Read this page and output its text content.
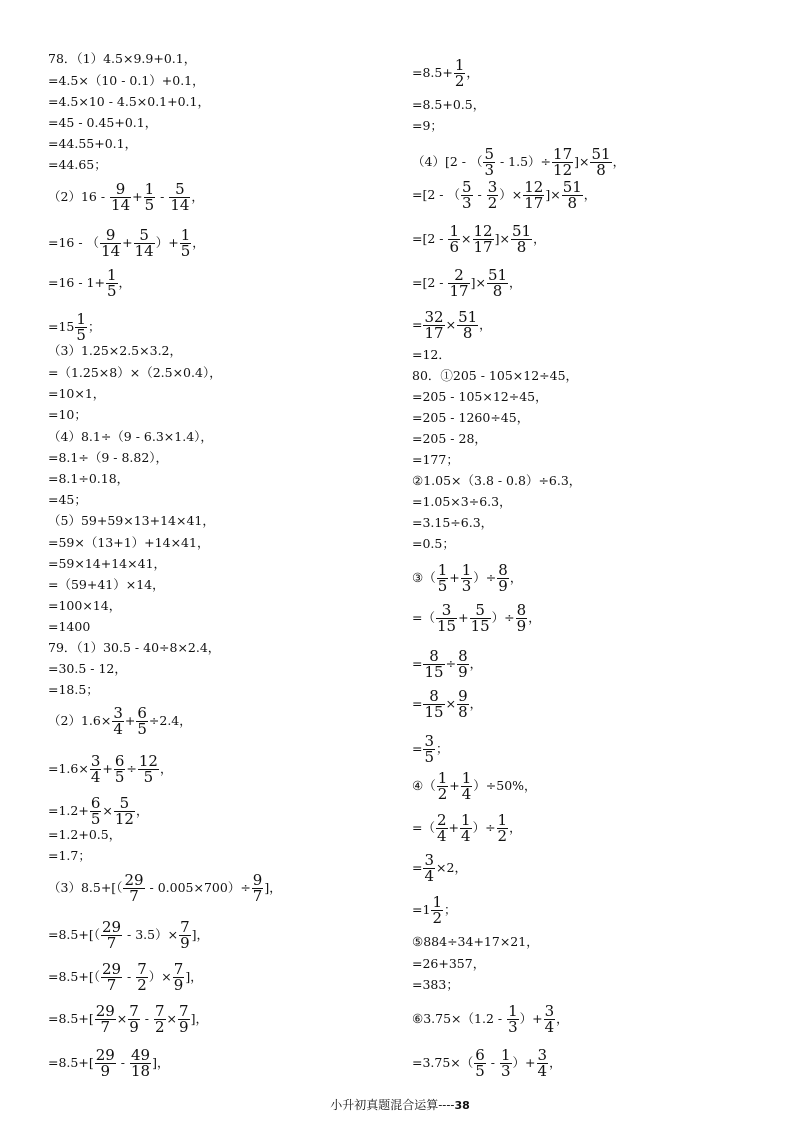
78．（1）4.5×9.9+0.1，
=4.5×（10 - 0.1）+0.1，
=4.5×10 - 4.5×0.1+0.1，
=45 - 0.45+0.1，
=44.55+0.1，
=44.65；
$(2)16 - \frac{9}{14} + \frac{1}{5} - \frac{5}{14}$ ，
=16 - （ $\frac{9}{14} + \frac{5}{14}$ ）+ $\frac{1}{5}$ ，
$=16 - 1+ \frac{1}{5}$ ，
$=15 \frac{1}{5}$ ；
（3）1.25×2.5×3.2，
=（1.25×8）×（2.5×0.4），
=10×1，
=10；
（4）8.1÷（9 - 6.3×1.4），
=8.1÷（9 - 8.82），
=8.1÷0.18，
=45；
（5）59+59×13+14×41，
=59×（13+1）+14×41，
=59×14+14×41，
=（59+41）×14，
=100×14，
=1400
79．（1）30.5 - 40÷8×2.4，
=30.5 - 12，
=18.5；
$(2)1.6\times \frac{3}{4} + \frac{6}{5} \div 2.4$，
$=1.6\times \frac{3}{4} + \frac{6}{5} \div \frac{12}{5}$ ，
$=1.2+ \frac{6}{5} \times \frac{5}{12}$ ，
=1.2+0.5，
=1.7；
$(3)8.5+[( \frac{29}{7} - 0.005\times 700)\div \frac{9}{7}$ ]，
$=8.5+[( \frac{29}{7} - 3.5)\times \frac{7}{9}$ ]，
$=8.5+[( \frac{29}{7} - \frac{7}{2}$ ）× $\frac{7}{9}$ ]，
$=8.5+[ \frac{29}{7} \times \frac{7}{9} - \frac{7}{2} \times \frac{7}{9}$ ]，
$=8.5+[ \frac{29}{9} - \frac{49}{18}$ ]，
$=8.5+ \frac{1}{2}$ ，
=8.5+0.5，
=9；
（4）[2 - （ $\frac{5}{3} - 1.5)\div \frac{17}{12}$ ]× $\frac{51}{8}$ ，
=[2 - （ $\frac{5}{3} - \frac{3}{2}$ ）× $\frac{12}{17}$ ]× $\frac{51}{8}$ ，
$=[2 - \frac{1}{6} \times \frac{12}{17}$ ]× $\frac{51}{8}$ ，
$=[2 - \frac{2}{17}$ ]× $\frac{51}{8}$ ，
= $\frac{32}{17} \times \frac{51}{8}$ ，
=12．
80．①205 - 105×12÷45，
=205 - 105×12÷45，
=205 - 1260÷45，
=205 - 28，
=177；
②1.05×（3.8 - 0.8）÷6.3，
=1.05×3÷6.3，
=3.15÷6.3，
=0.5；
③（ $\frac{1}{5} + \frac{1}{3}$ ）÷ $\frac{8}{9}$ ，
=（ $\frac{3}{15} + \frac{5}{15}$ ）÷ $\frac{8}{9}$ ，
= $\frac{8}{15} \div \frac{8}{9}$ ，
= $\frac{8}{15} \times \frac{9}{8}$ ，
= $\frac{3}{5}$ ；
④（ $\frac{1}{2} + \frac{1}{4} )\div 50\%$，
=（ $\frac{2}{4} + \frac{1}{4}$ ）÷ $\frac{1}{2}$ ，
= $\frac{3}{4} \times 2$，
$=1 \frac{1}{2}$ ；
⑤884÷34+17×21，
=26+357，
=383；
⑥3.75×（1.2 - $\frac{1}{3}$ ）+ $\frac{3}{4}$ ，
$=3.75\times( \frac{6}{5} - \frac{1}{3}$ ）+ $\frac{3}{4}$ ，
小升初真题混合运算----38
